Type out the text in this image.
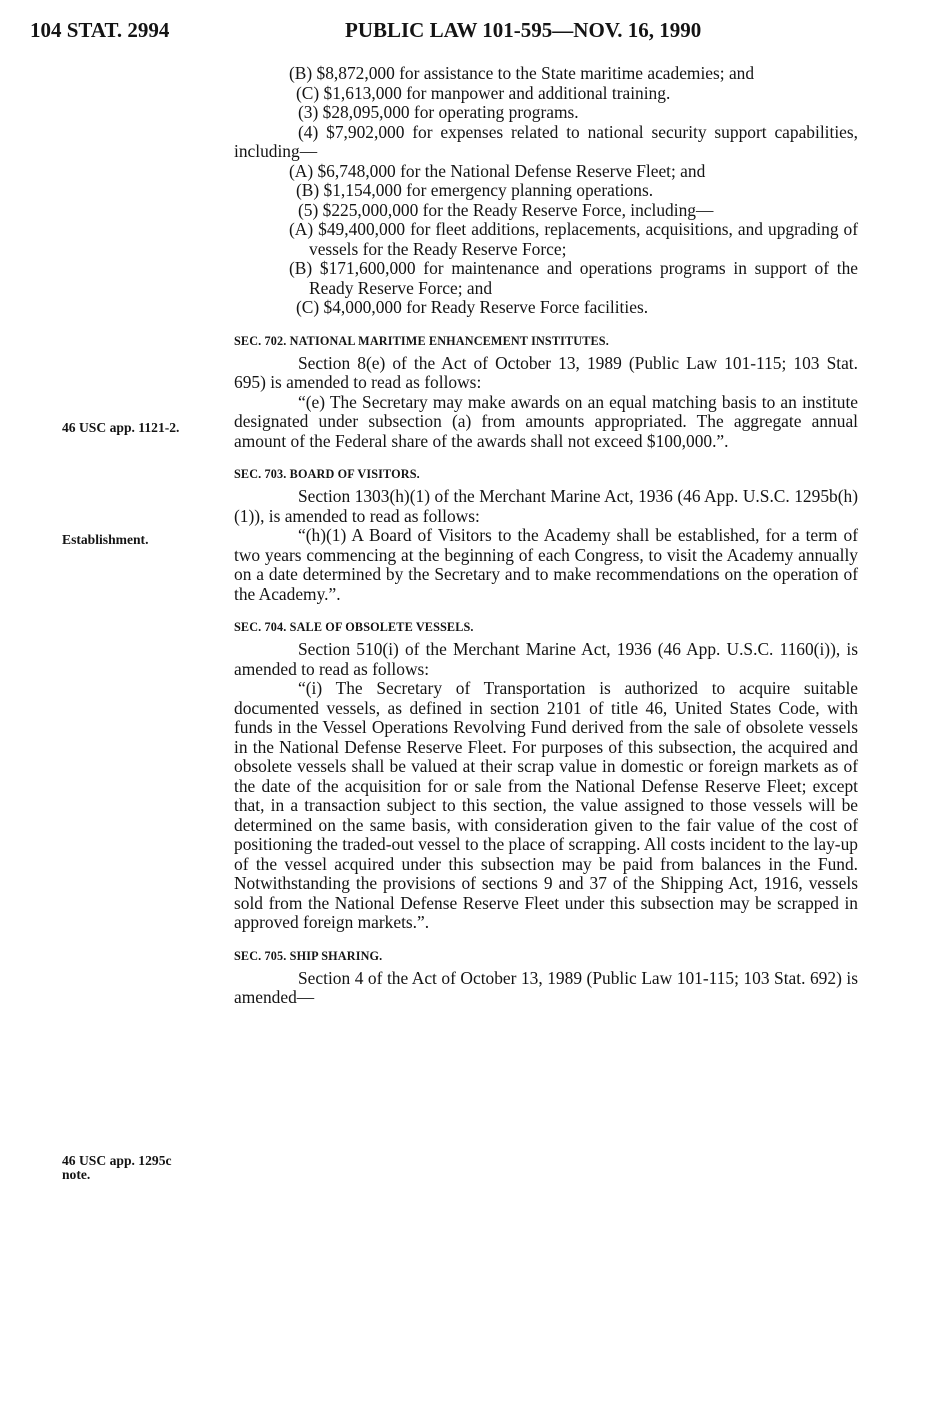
104 STAT. 2994	PUBLIC LAW 101-595—NOV. 16, 1990
46 USC app. 1121-2.
Establishment.
46 USC app. 1295c note.
(B) $8,872,000 for assistance to the State maritime academies; and
(C) $1,613,000 for manpower and additional training.
(3) $28,095,000 for operating programs.
(4) $7,902,000 for expenses related to national security support capabilities, including—
(A) $6,748,000 for the National Defense Reserve Fleet; and
(B) $1,154,000 for emergency planning operations.
(5) $225,000,000 for the Ready Reserve Force, including—
(A) $49,400,000 for fleet additions, replacements, acquisitions, and upgrading of vessels for the Ready Reserve Force;
(B) $171,600,000 for maintenance and operations programs in support of the Ready Reserve Force; and
(C) $4,000,000 for Ready Reserve Force facilities.
SEC. 702. NATIONAL MARITIME ENHANCEMENT INSTITUTES.
Section 8(e) of the Act of October 13, 1989 (Public Law 101-115; 103 Stat. 695) is amended to read as follows:
“(e) The Secretary may make awards on an equal matching basis to an institute designated under subsection (a) from amounts appropriated. The aggregate annual amount of the Federal share of the awards shall not exceed $100,000.”.
SEC. 703. BOARD OF VISITORS.
Section 1303(h)(1) of the Merchant Marine Act, 1936 (46 App. U.S.C. 1295b(h)(1)), is amended to read as follows:
“(h)(1) A Board of Visitors to the Academy shall be established, for a term of two years commencing at the beginning of each Congress, to visit the Academy annually on a date determined by the Secretary and to make recommendations on the operation of the Academy.”.
SEC. 704. SALE OF OBSOLETE VESSELS.
Section 510(i) of the Merchant Marine Act, 1936 (46 App. U.S.C. 1160(i)), is amended to read as follows:
“(i) The Secretary of Transportation is authorized to acquire suitable documented vessels, as defined in section 2101 of title 46, United States Code, with funds in the Vessel Operations Revolving Fund derived from the sale of obsolete vessels in the National Defense Reserve Fleet. For purposes of this subsection, the acquired and obsolete vessels shall be valued at their scrap value in domestic or foreign markets as of the date of the acquisition for or sale from the National Defense Reserve Fleet; except that, in a transaction subject to this section, the value assigned to those vessels will be determined on the same basis, with consideration given to the fair value of the cost of positioning the traded-out vessel to the place of scrapping. All costs incident to the lay-up of the vessel acquired under this subsection may be paid from balances in the Fund. Notwithstanding the provisions of sections 9 and 37 of the Shipping Act, 1916, vessels sold from the National Defense Reserve Fleet under this subsection may be scrapped in approved foreign markets.”.
SEC. 705. SHIP SHARING.
Section 4 of the Act of October 13, 1989 (Public Law 101-115; 103 Stat. 692) is amended—
